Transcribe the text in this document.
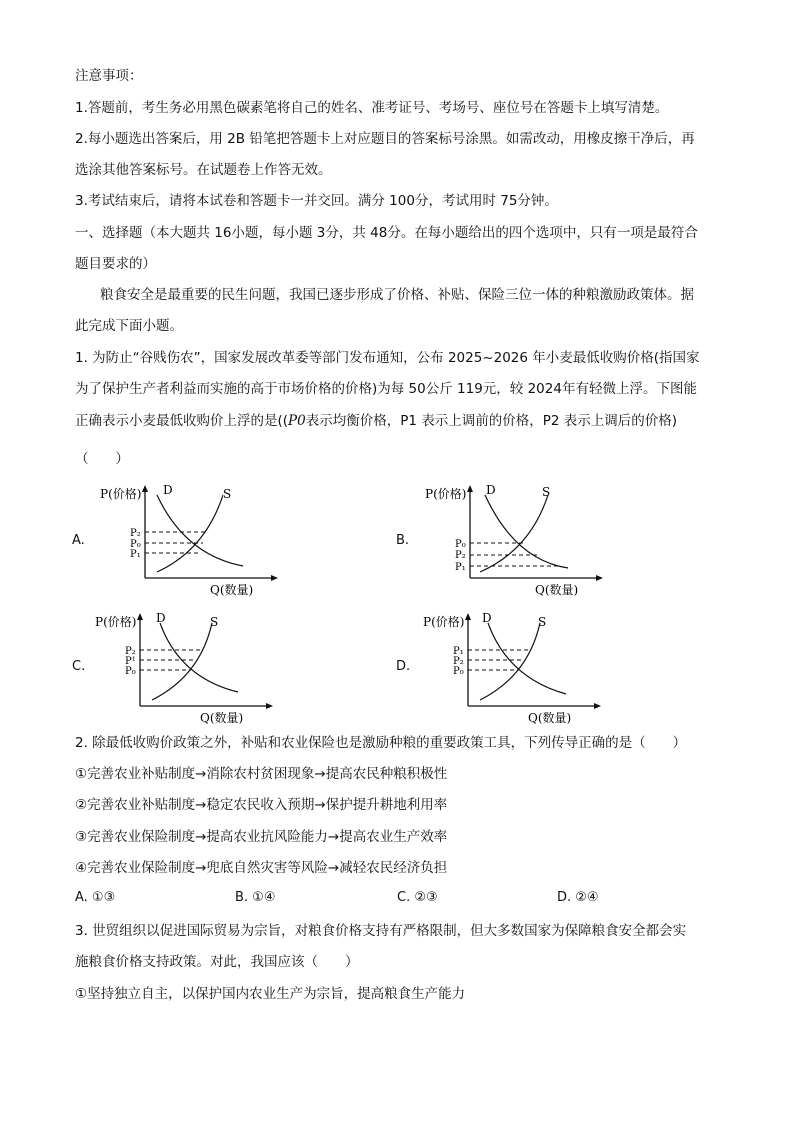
注意事项：
1.答题前，考生务必用黑色碳素笔将自己的姓名、准考证号、考场号、座位号在答题卡上填写清楚。
2.每小题选出答案后，用 2B 铅笔把答题卡上对应题目的答案标号涂黑。如需改动，用橡皮擦干净后，再
选涂其他答案标号。在试题卷上作答无效。
3.考试结束后，请将本试卷和答题卡一并交回。满分 100分，考试用时 75分钟。
一、选择题（本大题共 16小题，每小题 3分，共 48分。在每小题给出的四个选项中，只有一项是最符合
题目要求的）
粮食安全是最重要的民生问题，我国已逐步形成了价格、补贴、保险三位一体的种粮激励政策体。据
此完成下面小题。
1. 为防止“谷贱伤农”，国家发展改革委等部门发布通知，公布 2025~2026 年小麦最低收购价格(指国家
为了保护生产者利益而实施的高于市场价格的价格)为每 50公斤 119元，较 2024年有轻微上浮。下图能
正确表示小麦最低收购价上浮的是((P0表示均衡价格，P1 表示上调前的价格，P2 表示上调后的价格)
（　　）
A.
P(价格) D	S
P₂
P₀
P₁
Q(数量)
B.
P(价格) D	S
P₀
P₂
P₁
Q(数量)
C.
P(价格) D	S
P₂
P¹
P₀
Q(数量)
D.
P(价格) D	S
P₁
P₂
P₀
Q(数量)
2. 除最低收购价政策之外，补贴和农业保险也是激励种粮的重要政策工具，下列传导正确的是（　　）
①完善农业补贴制度→消除农村贫困现象→提高农民种粮积极性
②完善农业补贴制度→稳定农民收入预期→保护提升耕地利用率
③完善农业保险制度→提高农业抗风险能力→提高农业生产效率
④完善农业保险制度→兜底自然灾害等风险→减轻农民经济负担
A. ①③	B. ①④	C. ②③	D. ②④
3. 世贸组织以促进国际贸易为宗旨，对粮食价格支持有严格限制，但大多数国家为保障粮食安全都会实
施粮食价格支持政策。对此，我国应该（　　）
①坚持独立自主，以保护国内农业生产为宗旨，提高粮食生产能力
